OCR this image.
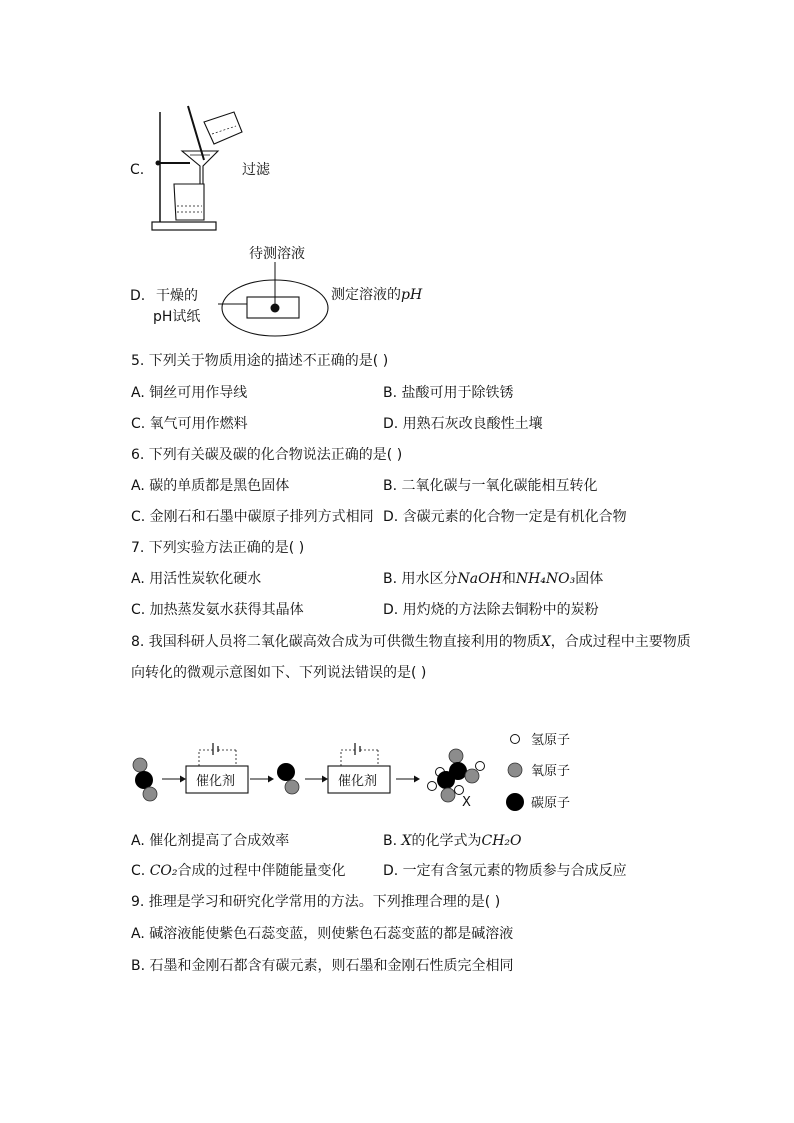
C.	过滤
D.
待测溶液
干燥的
pH试纸
测定溶液的pH
5. 下列关于物质用途的描述不正确的是( )
A. 铜丝可用作导线	B. 盐酸可用于除铁锈
C. 氧气可用作燃料	D. 用熟石灰改良酸性土壤
6. 下列有关碳及碳的化合物说法正确的是( )
A. 碳的单质都是黑色固体	B. 二氧化碳与一氧化碳能相互转化
C. 金刚石和石墨中碳原子排列方式相同 D. 含碳元素的化合物一定是有机化合物
7. 下列实验方法正确的是( )
A. 用活性炭软化硬水	B. 用水区分NaOH和NH₄NO₃固体
C. 加热蒸发氨水获得其晶体	D. 用灼烧的方法除去铜粉中的炭粉
8. 我国科研人员将二氧化碳高效合成为可供微生物直接利用的物质X，合成过程中主要物质
向转化的微观示意图如下、下列说法错误的是( )
催化剂	催化剂
X
氢原子
氧原子
碳原子
A. 催化剂提高了合成效率	B. X的化学式为CH₂O
C. CO₂合成的过程中伴随能量变化	D. 一定有含氢元素的物质参与合成反应
9. 推理是学习和研究化学常用的方法。下列推理合理的是( )
A. 碱溶液能使紫色石蕊变蓝，则使紫色石蕊变蓝的都是碱溶液
B. 石墨和金刚石都含有碳元素，则石墨和金刚石性质完全相同
